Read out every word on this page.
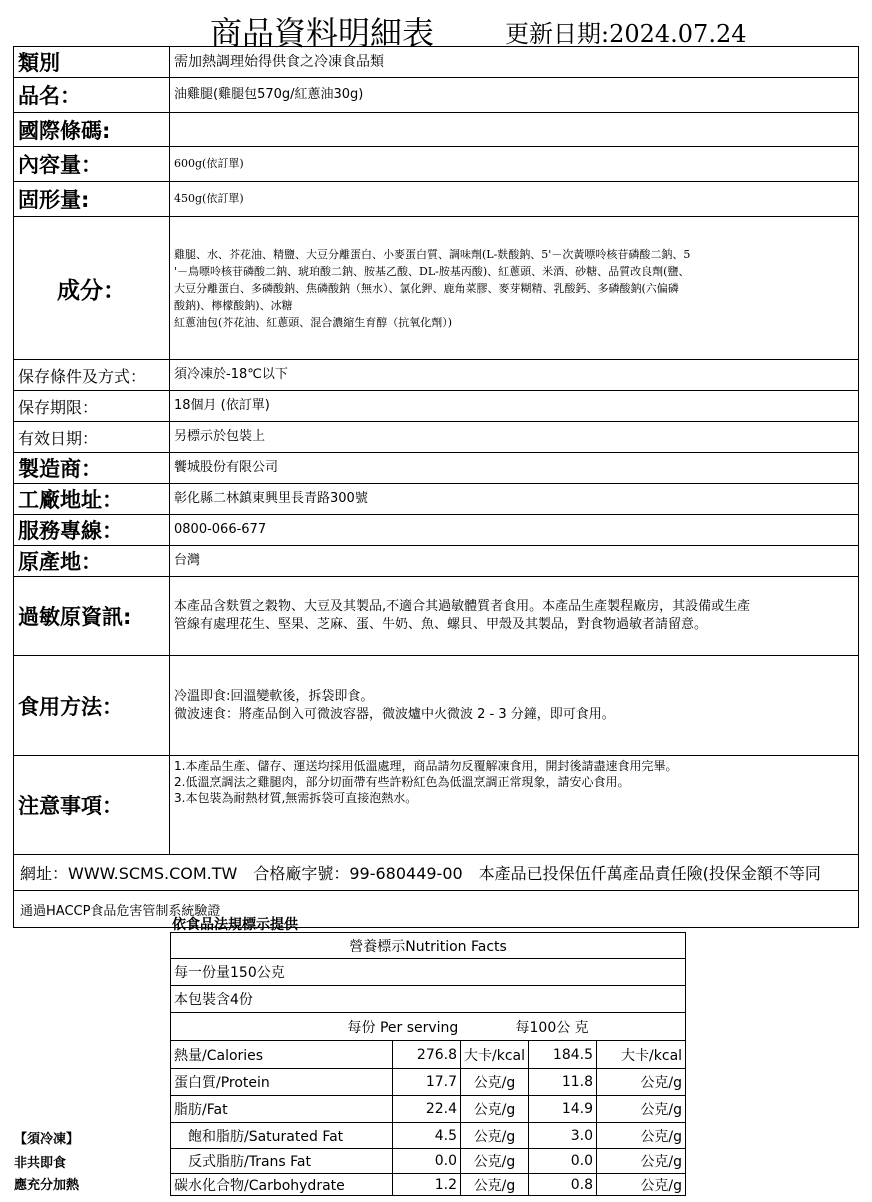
商品資料明細表	更新日期:2024.07.24
類別	需加熱調理始得供食之冷凍食品類
品名：	油雞腿(雞腿包570g/紅蔥油30g)
國際條碼:	
內容量：	600g(依訂單)
固形量:	450g(依訂單)
成分：	雞腿、水、芥花油、精鹽、大豆分離蛋白、小麥蛋白質、調味劑(L-麩酸鈉、5'－次黃嘌呤核苷磷酸二鈉、5
'－鳥嘌呤核苷磷酸二鈉、琥珀酸二鈉、胺基乙酸、DL-胺基丙酸)、紅蔥頭、米酒、砂糖、品質改良劑(鹽、
大豆分離蛋白、多磷酸鈉、焦磷酸鈉（無水）、氯化鉀、鹿角菜膠、麥芽糊精、乳酸鈣、多磷酸鈉(六偏磷
酸鈉)、檸檬酸鈉)、冰糖
紅蔥油包(芥花油、紅蔥頭、混合濃縮生育醇（抗氧化劑）)

保存條件及方式：	須冷凍於-18℃以下
保存期限：	18個月 (依訂單)
有效日期：	另標示於包裝上
製造商：	饗城股份有限公司
工廠地址：	彰化縣二林鎮東興里長青路300號
服務專線：	0800-066-677
原產地：	台灣
過敏原資訊:	本產品含麩質之穀物、大豆及其製品,不適合其過敏體質者食用。本產品生產製程廠房，其設備或生產
管線有處理花生、堅果、芝麻、蛋、牛奶、魚、螺貝、甲殼及其製品，對食物過敏者請留意。

食用方法：	冷溫即食:回溫變軟後，拆袋即食。
微波速食：將產品倒入可微波容器，微波爐中火微波 2 - 3 分鐘，即可食用。

注意事項：	1.本產品生產、儲存、運送均採用低溫處理，商品請勿反覆解凍食用，開封後請盡速食用完畢。
2.低溫烹調法之雞腿肉，部分切面帶有些許粉紅色為低溫烹調正常現象，請安心食用。
3.本包裝為耐熱材質,無需拆袋可直接泡熱水。

網址：WWW.SCMS.COM.TW　合格廠字號：99-680449-00　本產品已投保伍仟萬產品責任險(投保金額不等同	
通過HACCP食品危害管制系統驗證	
依食品法規標示提供
營養標示Nutrition Facts
每一份量150公克
本包裝含4份
	每份 Per serving	每100公 克
熱量/Calories	276.8	大卡/kcal	184.5	大卡/kcal
蛋白質/Protein	17.7	公克/g	11.8	公克/g
脂肪/Fat	22.4	公克/g	14.9	公克/g
　飽和脂肪/Saturated Fat	4.5	公克/g	3.0	公克/g
　反式脂肪/Trans Fat	0.0	公克/g	0.0	公克/g
碳水化合物/Carbohydrate	1.2	公克/g	0.8	公克/g
【須冷凍】
非共即食
應充分加熱
